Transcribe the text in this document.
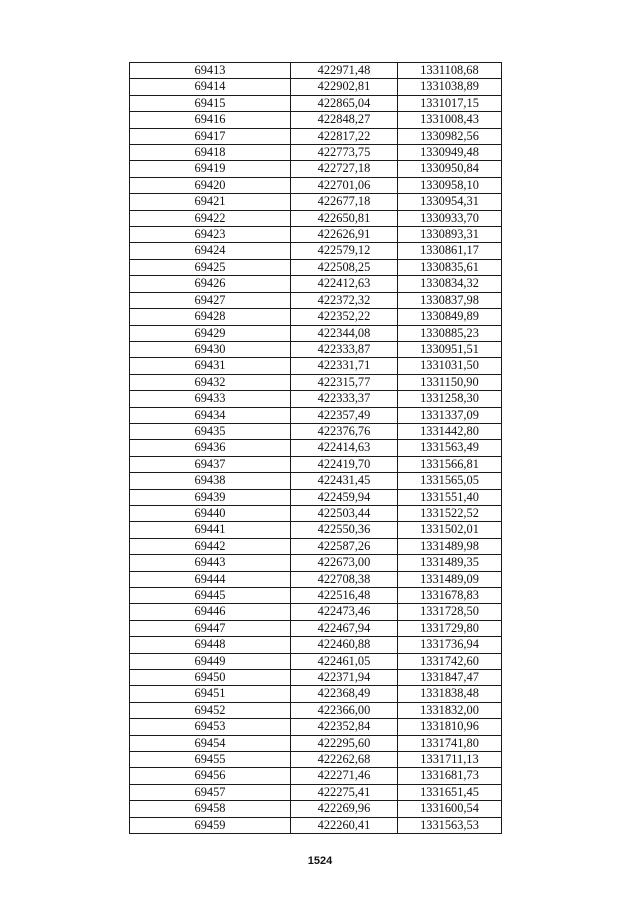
69413	422971,48	1331108,68
69414	422902,81	1331038,89
69415	422865,04	1331017,15
69416	422848,27	1331008,43
69417	422817,22	1330982,56
69418	422773,75	1330949,48
69419	422727,18	1330950,84
69420	422701,06	1330958,10
69421	422677,18	1330954,31
69422	422650,81	1330933,70
69423	422626,91	1330893,31
69424	422579,12	1330861,17
69425	422508,25	1330835,61
69426	422412,63	1330834,32
69427	422372,32	1330837,98
69428	422352,22	1330849,89
69429	422344,08	1330885,23
69430	422333,87	1330951,51
69431	422331,71	1331031,50
69432	422315,77	1331150,90
69433	422333,37	1331258,30
69434	422357,49	1331337,09
69435	422376,76	1331442,80
69436	422414,63	1331563,49
69437	422419,70	1331566,81
69438	422431,45	1331565,05
69439	422459,94	1331551,40
69440	422503,44	1331522,52
69441	422550,36	1331502,01
69442	422587,26	1331489,98
69443	422673,00	1331489,35
69444	422708,38	1331489,09
69445	422516,48	1331678,83
69446	422473,46	1331728,50
69447	422467,94	1331729,80
69448	422460,88	1331736,94
69449	422461,05	1331742,60
69450	422371,94	1331847,47
69451	422368,49	1331838,48
69452	422366,00	1331832,00
69453	422352,84	1331810,96
69454	422295,60	1331741,80
69455	422262,68	1331711,13
69456	422271,46	1331681,73
69457	422275,41	1331651,45
69458	422269,96	1331600,54
69459	422260,41	1331563,53
1524
